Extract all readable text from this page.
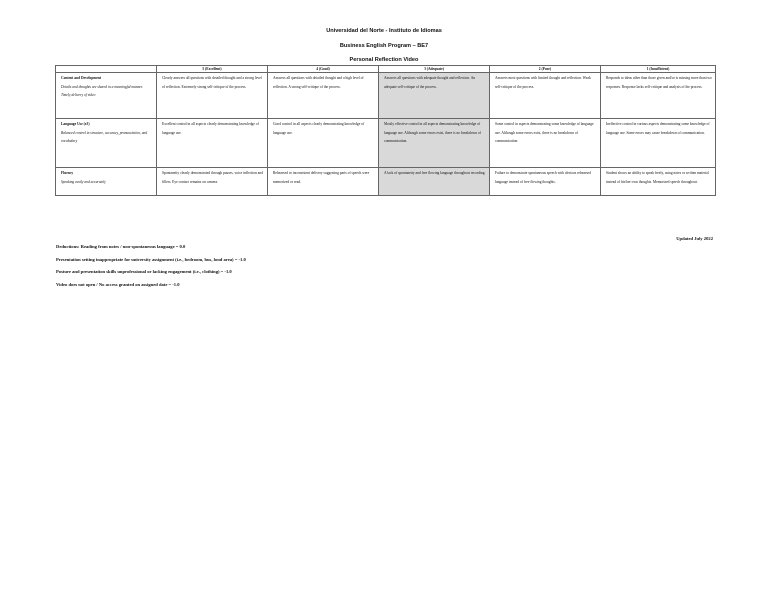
Universidad del Norte - Instituto de Idiomas
Business English Program – BE7
Personal Reflection Video
	5 (Excellent)	4 (Good)	3 (Adequate)	2 (Poor)	1 (Insufficient)

Content and Development
Details and thoughts are shared in a meaningful manner. Timely delivery of video	Clearly answers all questions with detailed thought and a strong level of reflection. Extremely strong self-critique of the process.	Answers all questions with detailed thought and a high level of reflection. A strong self-critique of the process.	Answers all questions with adequate thought and reflection. An adequate self-critique of the process.	Answers most questions with limited thought and reflection. Weak self-critique of the process.	Responds to ideas other than those given and/or is missing more than two responses. Response lacks self-critique and analysis of the process.

Language Use (x3)
Balanced control in structure, accuracy, pronunciation, and vocabulary	Excellent control in all aspects clearly demonstrating knowledge of language use.	Good control in all aspects clearly demonstrating knowledge of language use.	Mostly effective control in all aspects demonstrating knowledge of language use. Although some errors exist, there is no breakdown of communication.	Some control in aspects demonstrating some knowledge of language use. Although some errors exist, there is no breakdown of communication.	Ineffective control in various aspects demonstrating some knowledge of language use. Some errors may cause breakdown of communication.

Fluency
Speaking easily and accurately	Spontaneity clearly demonstrated through pauses, voice inflection and fillers. Eye contact remains on camera.	Rehearsed or inconsistent delivery suggesting parts of speech were memorized or read.	A lack of spontaneity and free flowing language throughout recording.	Failure to demonstrate spontaneous speech with obvious rehearsed language instead of free flowing thoughts.	Student shows an ability to speak freely, using notes or written material instead of his/her own thoughts. Memorized speech throughout.
Updated July 2022
Deductions: Reading from notes / non-spontaneous language = 0.0
Presentation setting inappropriate for university assignment (i.e., bedroom, bus, loud area) = -1.0
Posture and presentation skills unprofessional or lacking engagement (i.e., clothing) = -1.0
Video does not open / No access granted on assigned date = -1.0
